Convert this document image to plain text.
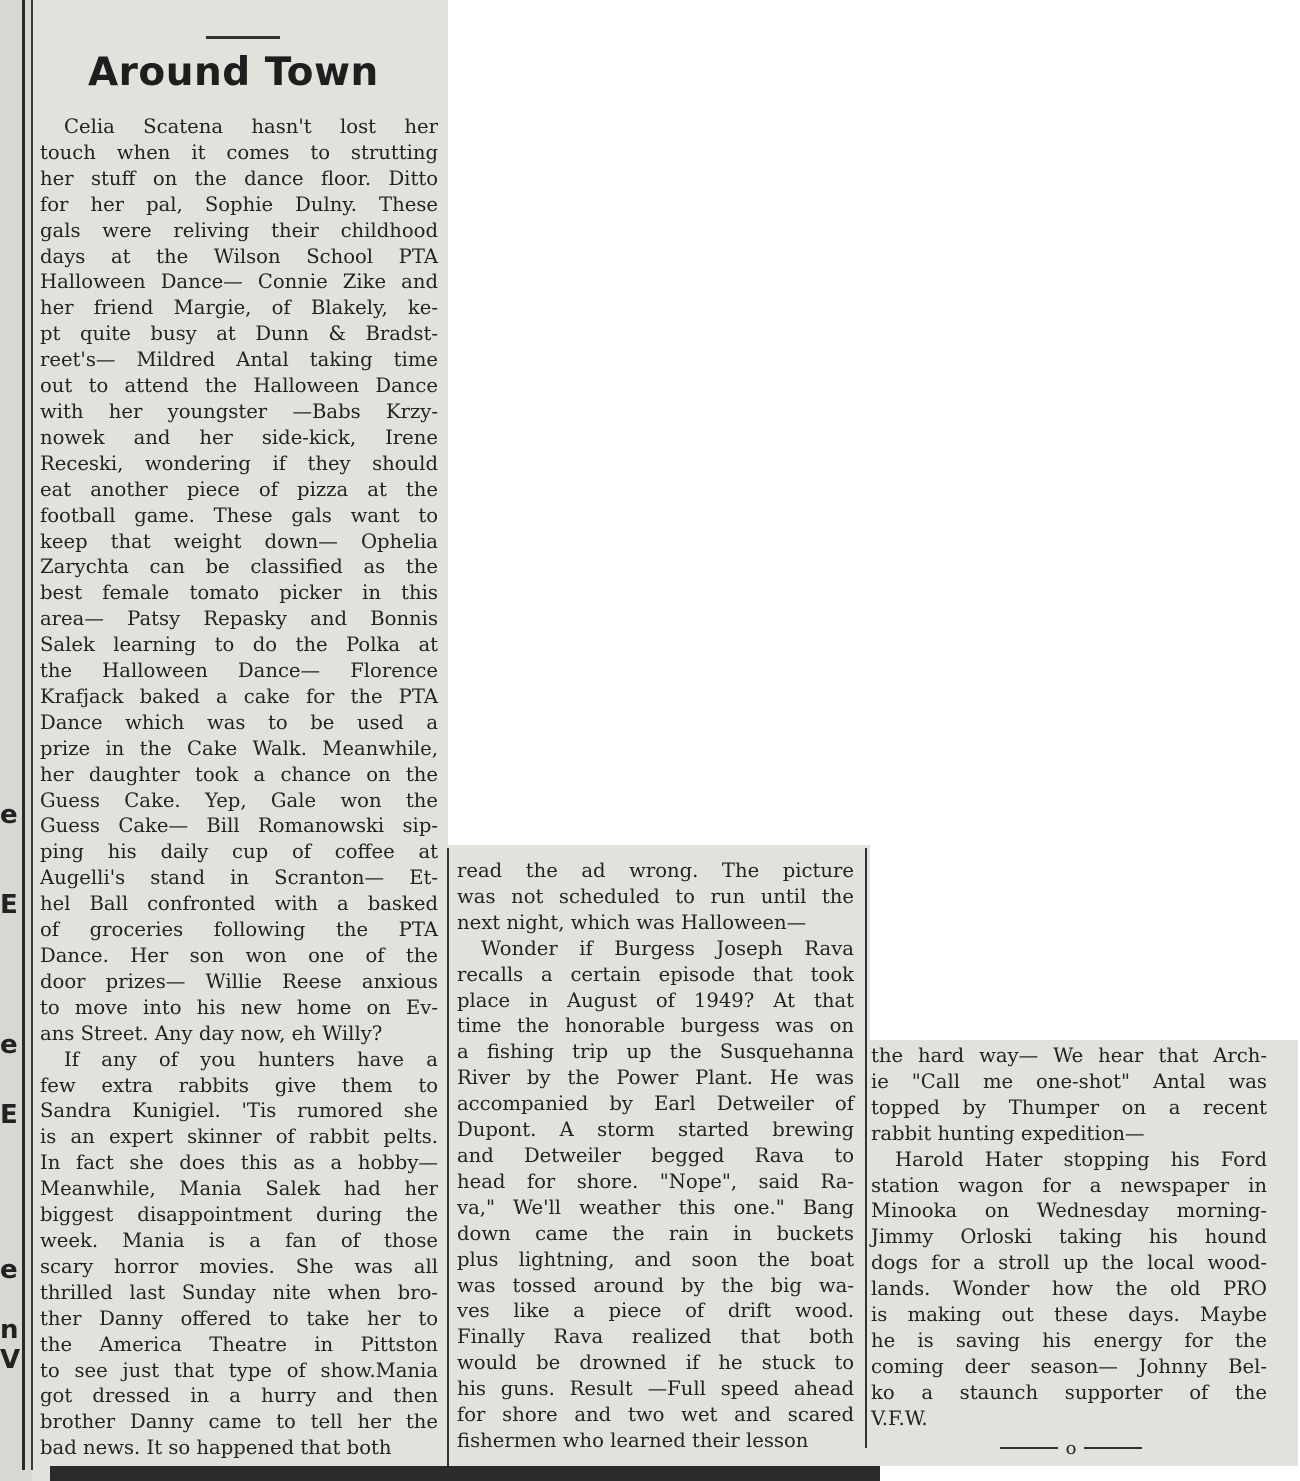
e
E
e
E
e
n
V
Around Town
Celia Scatena hasn't lost her
touch when it comes to strutting
her stuff on the dance floor. Ditto
for her pal, Sophie Dulny. These
gals were reliving their childhood
days at the Wilson School PTA
Halloween Dance— Connie Zike and
her friend Margie, of Blakely, ke-
pt quite busy at Dunn & Bradst-
reet's— Mildred Antal taking time
out to attend the Halloween Dance
with her youngster —Babs Krzy-
nowek and her side-kick, Irene
Receski, wondering if they should
eat another piece of pizza at the
football game. These gals want to
keep that weight down— Ophelia
Zarychta can be classified as the
best female tomato picker in this
area— Patsy Repasky and Bonnis
Salek learning to do the Polka at
the Halloween Dance— Florence
Krafjack baked a cake for the PTA
Dance which was to be used a
prize in the Cake Walk. Meanwhile,
her daughter took a chance on the
Guess Cake. Yep, Gale won the
Guess Cake— Bill Romanowski sip-
ping his daily cup of coffee at
Augelli's stand in Scranton— Et-
hel Ball confronted with a basked
of groceries following the PTA
Dance. Her son won one of the
door prizes— Willie Reese anxious
to move into his new home on Ev-
ans Street. Any day now, eh Willy?
If any of you hunters have a
few extra rabbits give them to
Sandra Kunigiel. 'Tis rumored she
is an expert skinner of rabbit pelts.
In fact she does this as a hobby—
Meanwhile, Mania Salek had her
biggest disappointment during the
week. Mania is a fan of those
scary horror movies. She was all
thrilled last Sunday nite when bro-
ther Danny offered to take her to
the America Theatre in Pittston
to see just that type of show.Mania
got dressed in a hurry and then
brother Danny came to tell her the
bad news. It so happened that both
read the ad wrong. The picture
was not scheduled to run until the
next night, which was Halloween—
Wonder if Burgess Joseph Rava
recalls a certain episode that took
place in August of 1949? At that
time the honorable burgess was on
a fishing trip up the Susquehanna
River by the Power Plant. He was
accompanied by Earl Detweiler of
Dupont. A storm started brewing
and Detweiler begged Rava to
head for shore. "Nope", said Ra-
va," We'll weather this one." Bang
down came the rain in buckets
plus lightning, and soon the boat
was tossed around by the big wa-
ves like a piece of drift wood.
Finally Rava realized that both
would be drowned if he stuck to
his guns. Result —Full speed ahead
for shore and two wet and scared
fishermen who learned their lesson
the hard way— We hear that Arch-
ie "Call me one-shot" Antal was
topped by Thumper on a recent
rabbit hunting expedition—
Harold Hater stopping his Ford
station wagon for a newspaper in
Minooka on Wednesday morning-
Jimmy Orloski taking his hound
dogs for a stroll up the local wood-
lands. Wonder how the old PRO
is making out these days. Maybe
he is saving his energy for the
coming deer season— Johnny Bel-
ko a staunch supporter of the
V.F.W.
o
